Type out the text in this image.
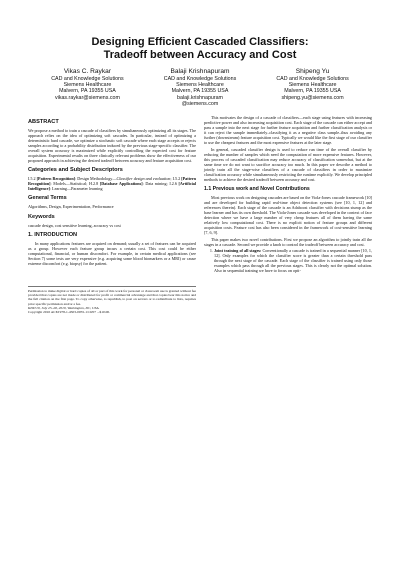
Designing Efficient Cascaded Classifiers:
Tradeoff between Accuracy and Cost
Vikas C. Raykar
CAD and Knowledge Solutions
Siemens Healthcare
Malvern, PA 19355 USA
vikas.raykar@siemens.com
Balaji Krishnapuram
CAD and Knowledge Solutions
Siemens Healthcare
Malvern, PA 19355 USA
balaji.krishnapuram
@siemens.com
Shipeng Yu
CAD and Knowledge Solutions
Siemens Healthcare
Malvern, PA 19355 USA
shipeng.yu@siemens.com
ABSTRACT

We propose a method to train a cascade of classifiers by simultaneously optimizing all its stages. The approach relies on the idea of optimizing soft cascades. In particular, instead of optimizing a deterministic hard cascade, we optimize a stochastic soft cascade where each stage accepts or rejects samples according to a probability distribution induced by the previous stage-specific classifier. The overall system accuracy is maximized while explicitly controlling the expected cost for feature acquisition. Experimental results on three clinically relevant problems show the effectiveness of our proposed approach in achieving the desired tradeoff between accuracy and feature acquisition cost.

Categories and Subject Descriptors
I.5.2 [Pattern Recognition]: Design Methodology—Classifier design and evaluation; I.5.2 [Pattern Recognition]: Models—Statistical; H.2.8 [Database Applications]: Data mining; I.2.6 [Artificial Intelligence]: Learning—Parameter learning
General Terms

Algorithms, Design, Experimentation, Performance

Keywords

cascade design, cost sensitive learning, accuracy vs cost

1. INTRODUCTION

In many applications features are acquired on demand; usually a set of features can be acquired as a group. However each feature group incurs a certain cost. This cost could be either computational, financial, or human discomfort. For example, in certain medical applications (see Section 7) some tests are very expensive (e.g. acquiring some blood biomarkers or a MRI) or cause extreme discomfort (e.g. biopsy) for the patient.

Permission to make digital or hard copies of all or part of this work for personal or classroom use is granted without fee provided that copies are not made or distributed for profit or commercial advantage and that copies bear this notice and the full citation on the first page. To copy otherwise, to republish, to post on servers or to redistribute to lists, requires prior specific permission and/or a fee.
KDD'10, July 25–28, 2010, Washington, DC, USA.
Copyright 2010 ACM 978-1-4503-0055-1/10/07 ...$10.00.

This motivates the design of a cascade of classifiers—each stage using features with increasing predictive power and also increasing acquisition cost. Each stage of the cascade can either accept and pass a sample into the next stage for further feature acquisition and further classification analysis or it can reject the sample immediately–classifying it as a negative class sample–thus avoiding any further (downstream) feature acquisition cost. Typically we would like the first stage of our classifier to use the cheapest features and the most expensive features at the later stage.

In general, cascaded classifier design is used to reduce run time of the overall classifier by reducing the number of samples which need the computation of more expensive features. However, this process of cascaded classification may reduce accuracy of classification somewhat, but at the same time we do not want to sacrifice accuracy too much. In this paper we describe a method to jointly train all the stage-wise classifiers of a cascade of classifiers in order to maximize classification accuracy while simultaneously restricting the runtime explicitly. We develop principled methods to achieve the desired tradeoff between accuracy and cost.

1.1 Previous work and Novel Contributions

Most previous work on designing cascades are based on the Viola-Jones cascade framework [10] and are developed for building rapid real-time object detection systems (see [10, 1, 12] and references therein). Each stage of the cascade is an Adaboost classifier with decisions stump as the base learner and has its own threshold. The Viola-Jones cascade was developed in the context of face detection where we have a large number of very cheap features all of them having the same relatively low computational cost. There is no explicit notion of feature groups and different acquisition costs. Feature cost has also been considered in the framework of cost-sensitive learning [7, 6, 9].

This paper makes two novel contributions. First we propose an algorithm to jointly train all the stages in a cascade. Second we provide a knob to control the tradeoff between accuracy and cost.

1. Joint training of all stages: Conventionally a cascade is trained in a sequential manner [10, 1, 12]. Only examples for which the classifier score is greater than a certain threshold pass through the next stage of the cascade. Each stage of the classifier is trained using only those examples which pass through all the previous stages. This is clearly not the optimal solution. Also in sequential training we have to focus on opti-
